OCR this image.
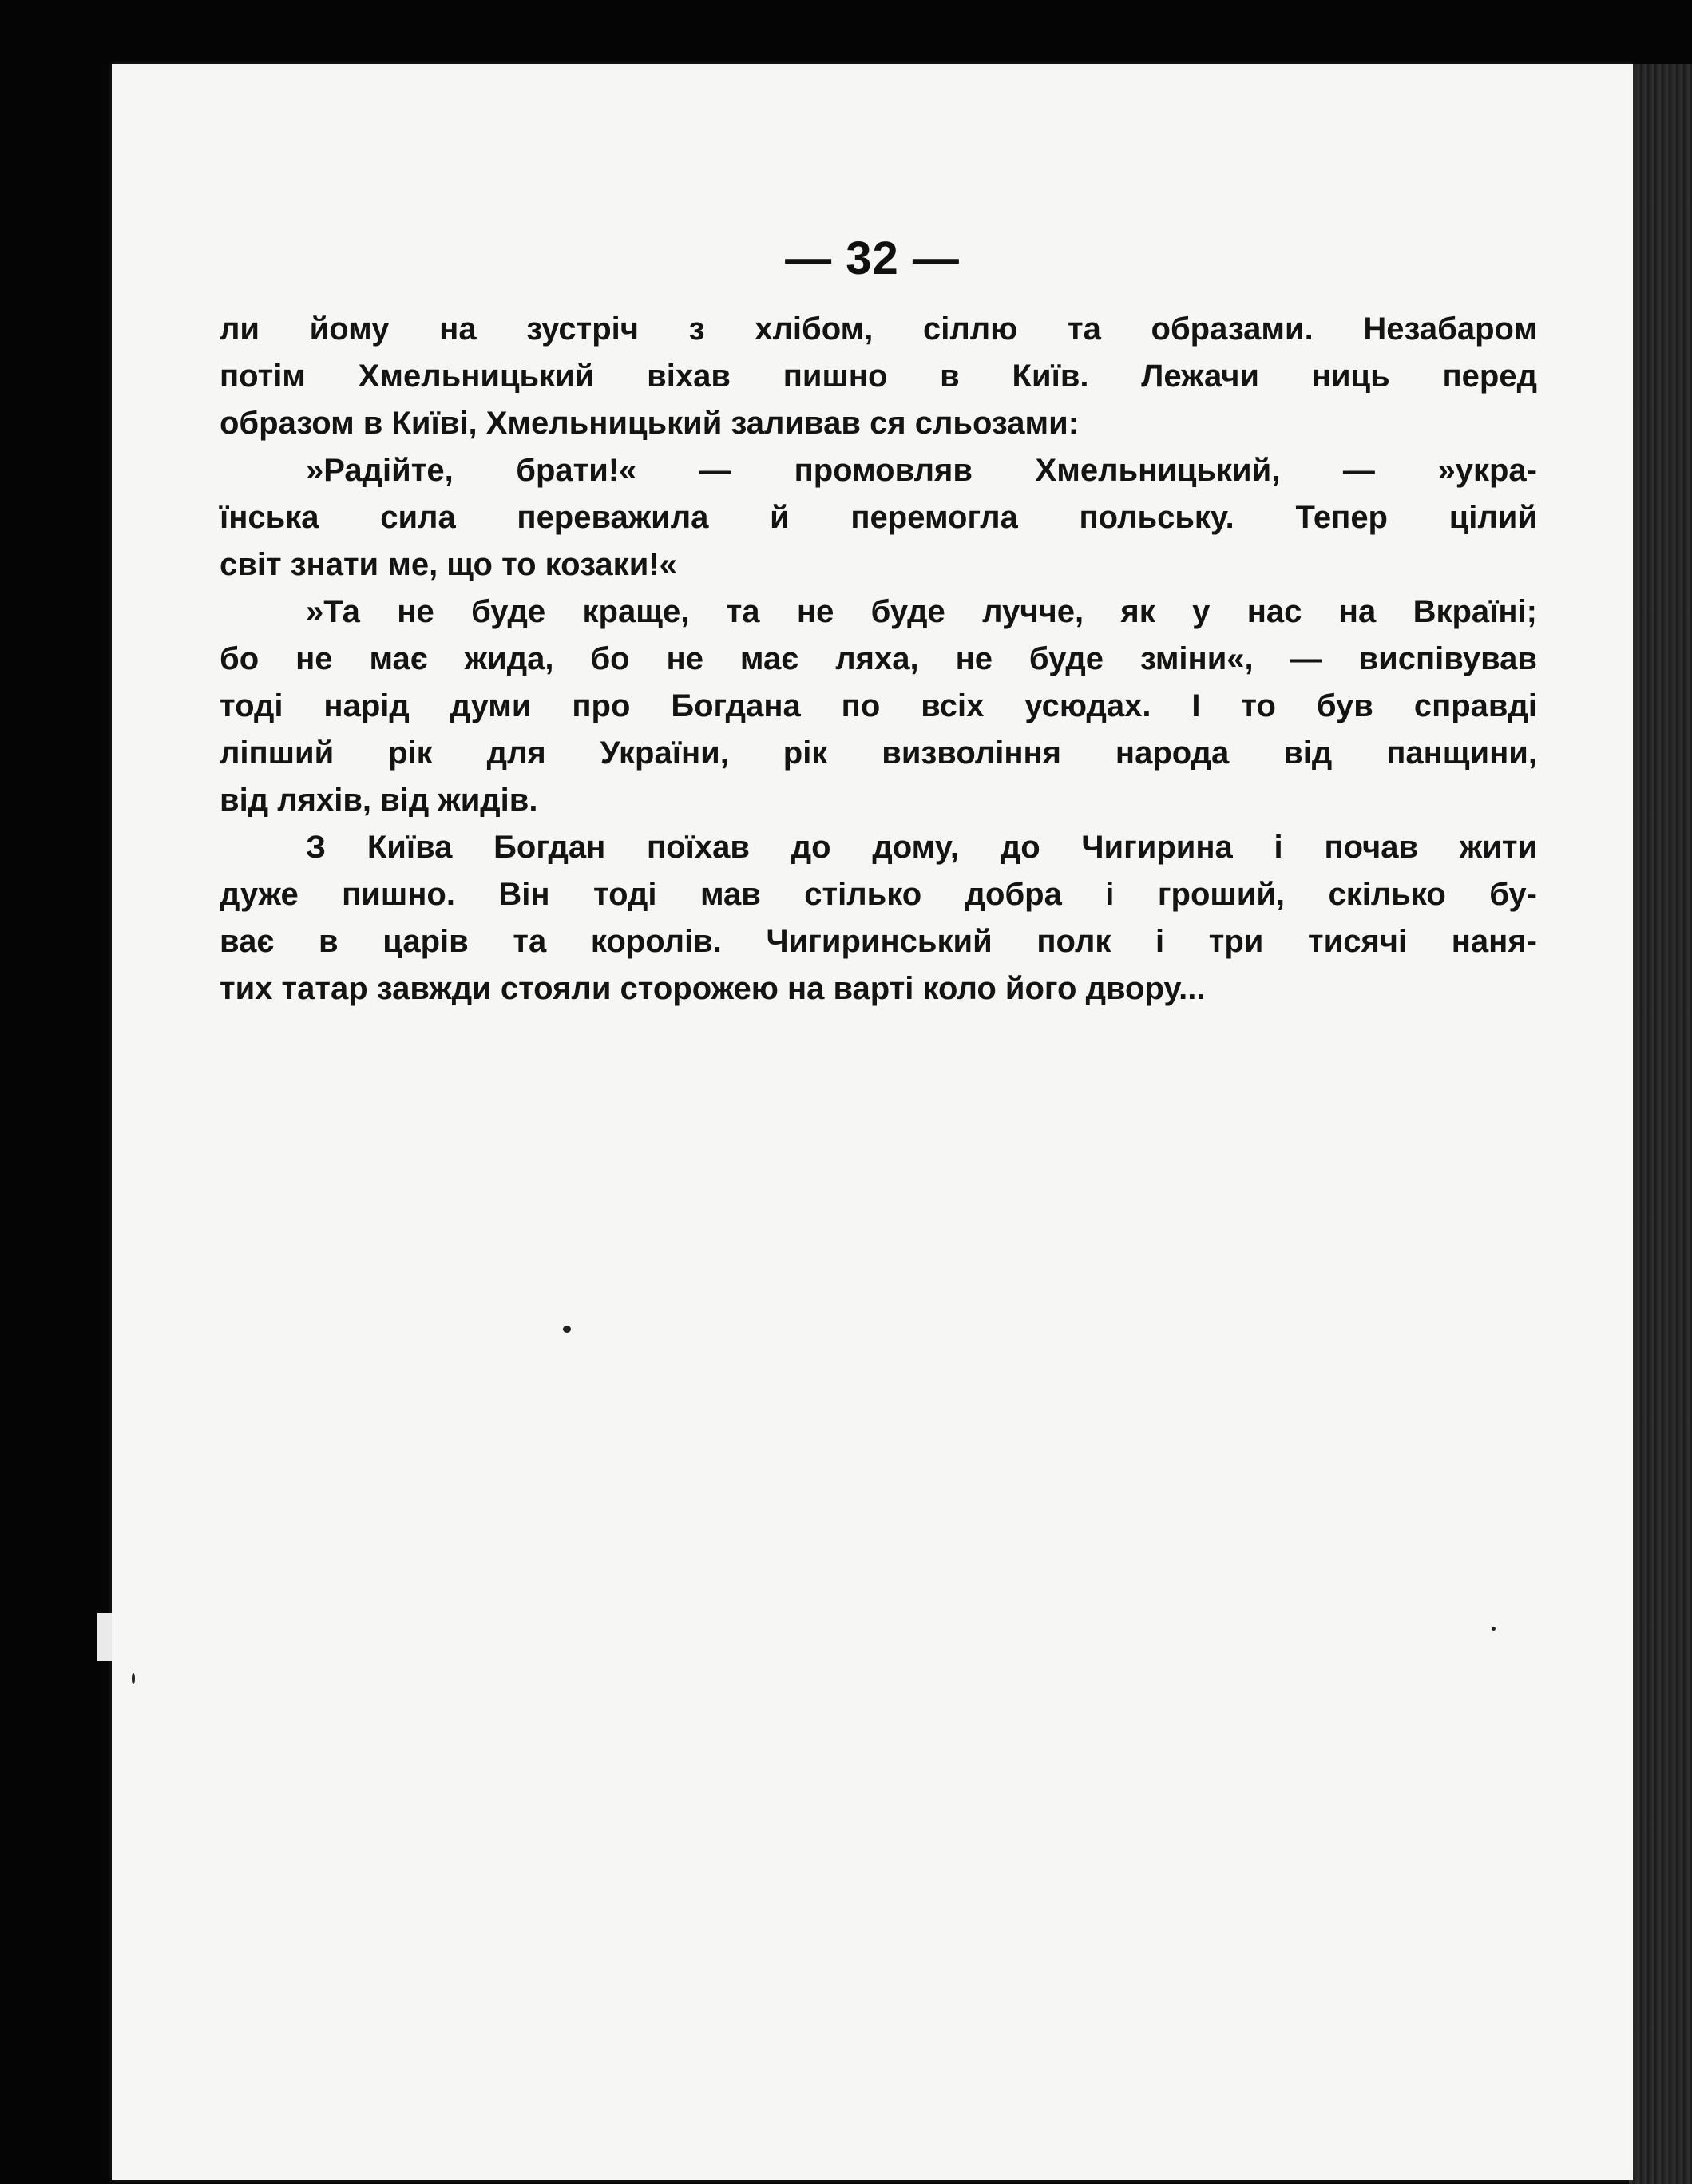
— 32 —
ли йому на зустріч з хлібом, сіллю та образами. Незабаром
потім Хмельницький віхав пишно в Київ. Лежачи ниць перед
образом в Київі, Хмельницький заливав ся сльозами:
»Радійте, брати!« — промовляв Хмельницький, — »укра-
їнська сила переважила й перемогла польську. Тепер цілий
світ знати ме, що то козаки!«
»Та не буде краще, та не буде лучче, як у нас на Вкраїні;
бо не має жида, бо не має ляха, не буде зміни«, — виспівував
тоді нарід думи про Богдана по всіх усюдах. І то був справді
ліпший рік для України, рік визвоління народа від панщини,
від ляхів, від жидів.
З Київа Богдан поїхав до дому, до Чигирина і почав жити
дуже пишно. Він тоді мав стілько добра і гроший, скілько бу-
ває в царів та королів. Чигиринський полк і три тисячі наня-
тих татар завжди стояли сторожею на варті коло його двору...
